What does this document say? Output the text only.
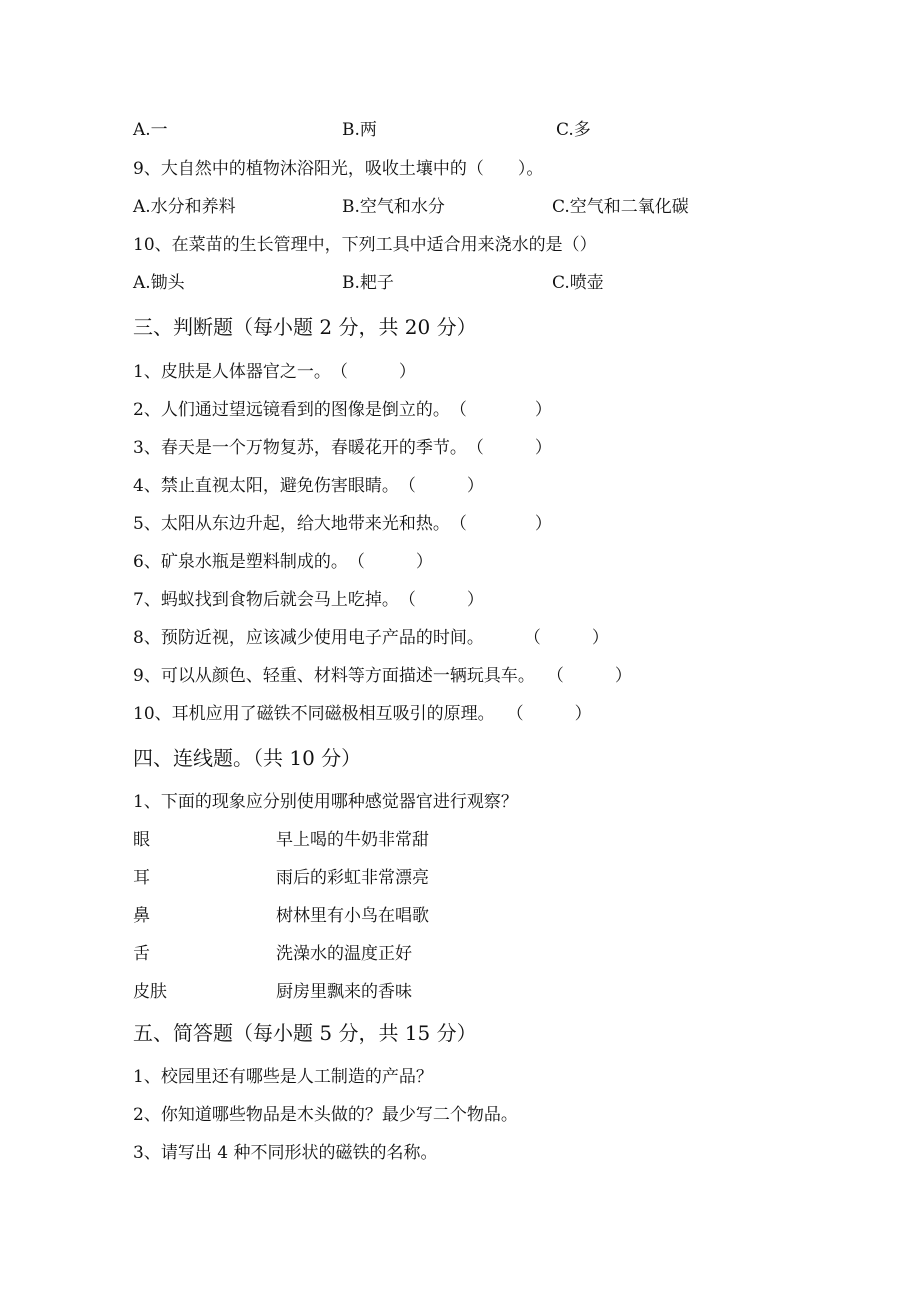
A.一	B.两	C.多
9、大自然中的植物沐浴阳光，吸收土壤中的（　　）。
A.水分和养料	B.空气和水分	C.空气和二氧化碳
10、在菜苗的生长管理中，下列工具中适合用来浇水的是（）
A.锄头	B.耙子	C.喷壶
三、判断题（每小题 2 分，共 20 分）
1、皮肤是人体器官之一。（　　　）
2、人们通过望远镜看到的图像是倒立的。（　　　　）
3、春天是一个万物复苏，春暖花开的季节。（　　　）
4、禁止直视太阳，避免伤害眼睛。（　　　）
5、太阳从东边升起，给大地带来光和热。（　　　　）
6、矿泉水瓶是塑料制成的。（　　　）
7、蚂蚁找到食物后就会马上吃掉。（　　　）
8、预防近视，应该减少使用电子产品的时间。 （　　　）
9、可以从颜色、轻重、材料等方面描述一辆玩具车。 （　　　）
10、耳机应用了磁铁不同磁极相互吸引的原理。 （　　　）
四、连线题。（共 10 分）
1、下面的现象应分别使用哪种感觉器官进行观察？
眼	早上喝的牛奶非常甜
耳	雨后的彩虹非常漂亮
鼻	树林里有小鸟在唱歌
舌	洗澡水的温度正好
皮肤	厨房里飘来的香味
五、简答题（每小题 5 分，共 15 分）
1、校园里还有哪些是人工制造的产品？
2、你知道哪些物品是木头做的？最少写二个物品。
3、请写出 4 种不同形状的磁铁的名称。
